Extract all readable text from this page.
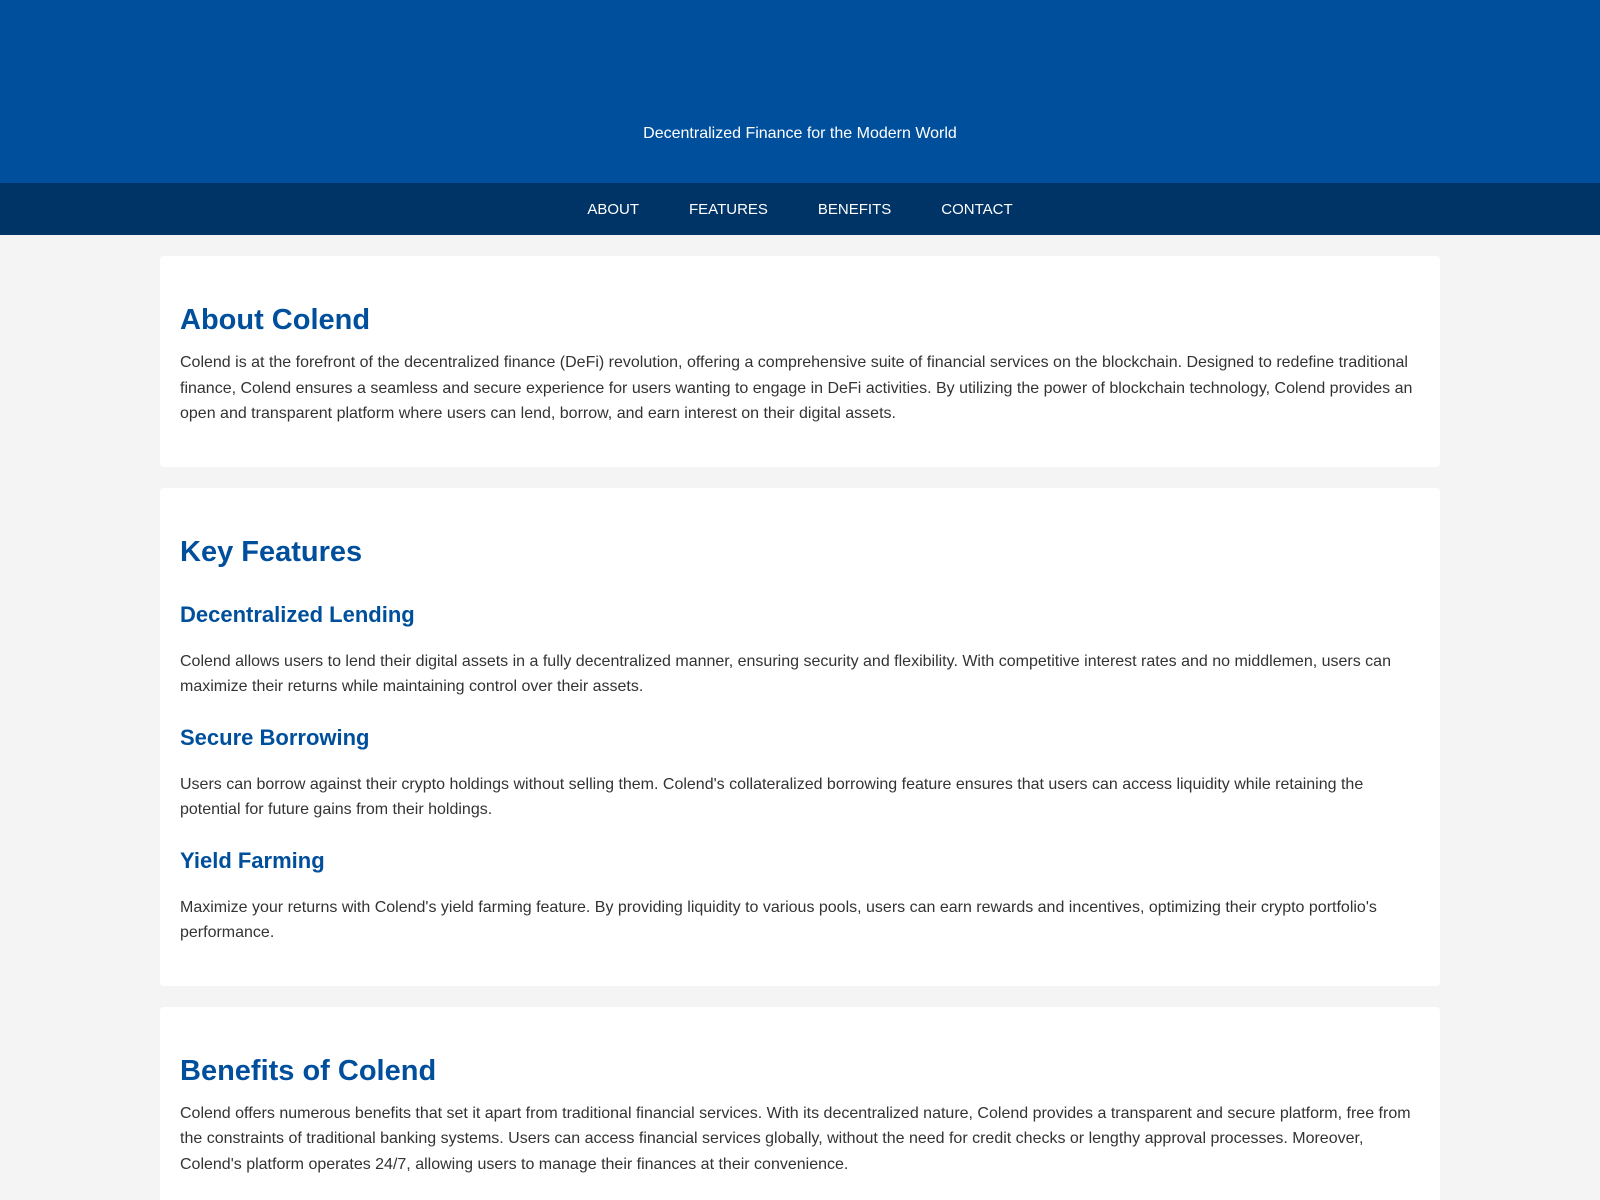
Decentralized Finance for the Modern World

ABOUT	FEATURES	BENEFITS	CONTACT
About Colend

Colend is at the forefront of the decentralized finance (DeFi) revolution, offering a comprehensive suite of financial services on the blockchain. Designed to redefine traditional finance, Colend ensures a seamless and secure experience for users wanting to engage in DeFi activities. By utilizing the power of blockchain technology, Colend provides an open and transparent platform where users can lend, borrow, and earn interest on their digital assets.

Key Features
Decentralized Lending

Colend allows users to lend their digital assets in a fully decentralized manner, ensuring security and flexibility. With competitive interest rates and no middlemen, users can maximize their returns while maintaining control over their assets.

Secure Borrowing

Users can borrow against their crypto holdings without selling them. Colend's collateralized borrowing feature ensures that users can access liquidity while retaining the potential for future gains from their holdings.

Yield Farming

Maximize your returns with Colend's yield farming feature. By providing liquidity to various pools, users can earn rewards and incentives, optimizing their crypto portfolio's performance.

Benefits of Colend

Colend offers numerous benefits that set it apart from traditional financial services. With its decentralized nature, Colend provides a transparent and secure platform, free from the constraints of traditional banking systems. Users can access financial services globally, without the need for credit checks or lengthy approval processes. Moreover, Colend's platform operates 24/7, allowing users to manage their finances at their convenience.
